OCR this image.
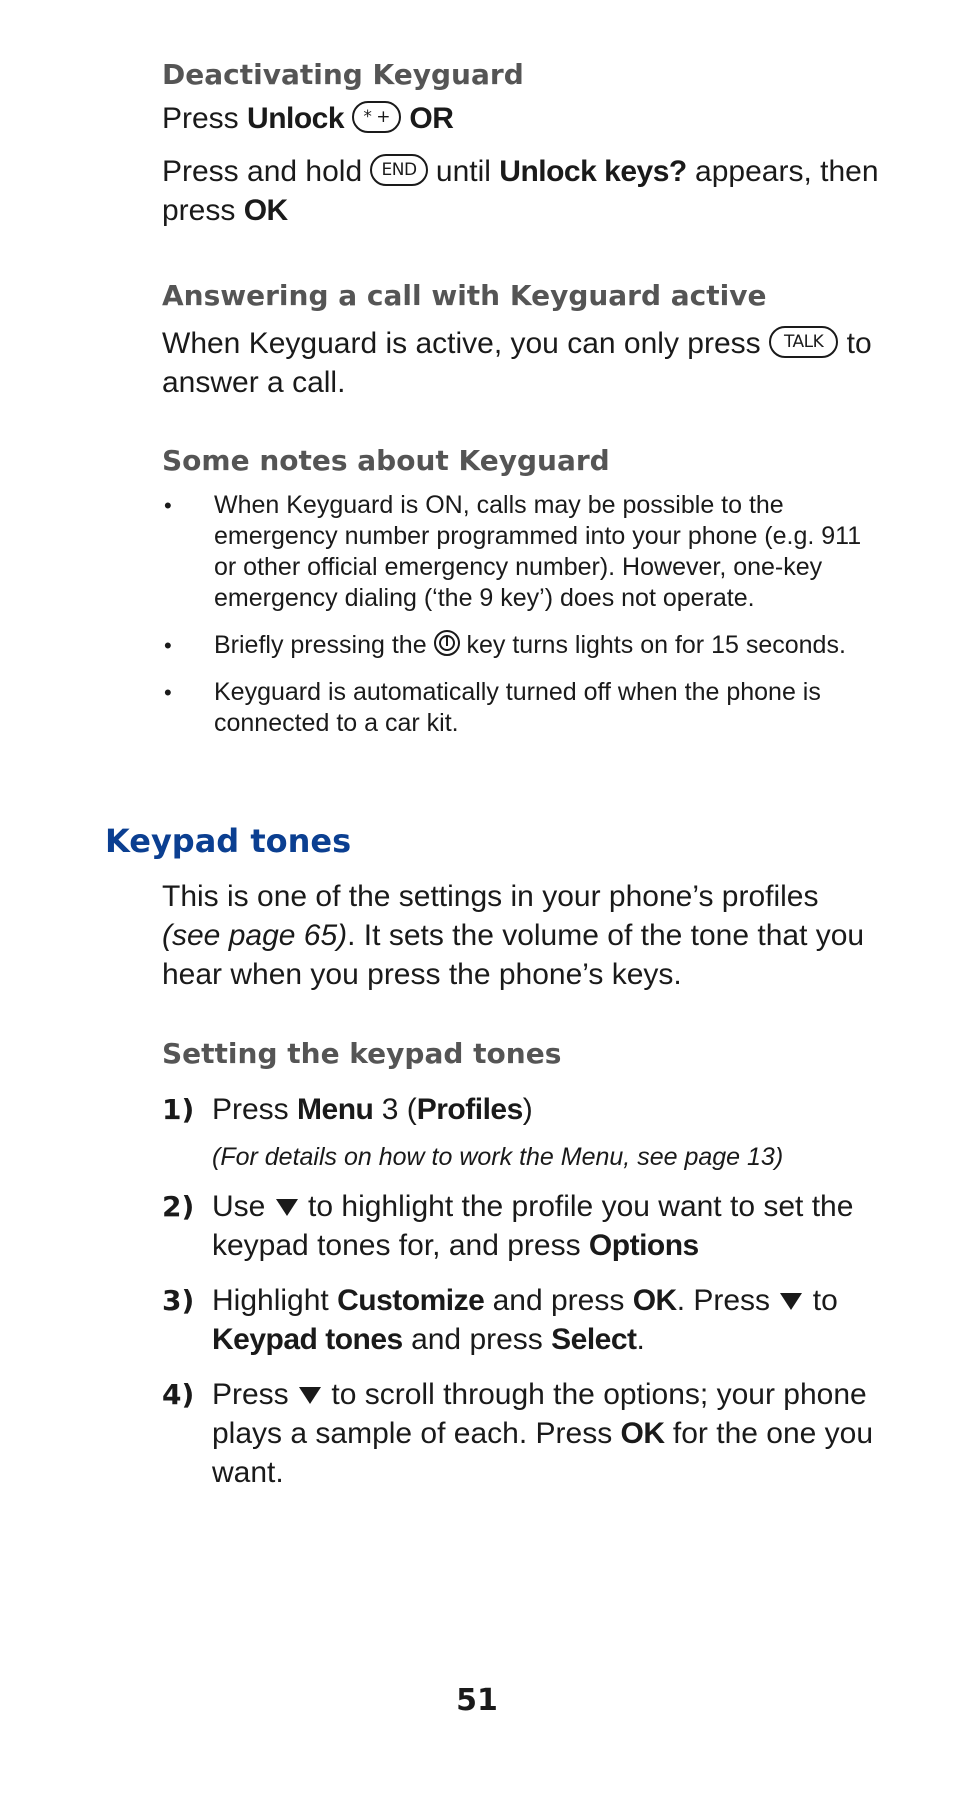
Deactivating Keyguard

Press Unlock * + OR

Press and hold END until Unlock keys? appears, then press OK

Answering a call with Keyguard active

When Keyguard is active, you can only press TALK to answer a call.

Some notes about Keyguard
• When Keyguard is ON, calls may be possible to the emergency number programmed into your phone (e.g. 911 or other official emergency number). However, one-key emergency dialing (‘the 9 key’) does not operate.
• Briefly pressing the key turns lights on for 15 seconds.
• Keyguard is automatically turned off when the phone is connected to a car kit.
Keypad tones

This is one of the settings in your phone’s profiles (see page 65). It sets the volume of the tone that you hear when you press the phone’s keys.

Setting the keypad tones

1) Press Menu 3 (Profiles)

(For details on how to work the Menu, see page 13)

2) Use to highlight the profile you want to set the keypad tones for, and press Options

3) Highlight Customize and press OK. Press to Keypad tones and press Select.

4) Press to scroll through the options; your phone plays a sample of each. Press OK for the one you want.

51
